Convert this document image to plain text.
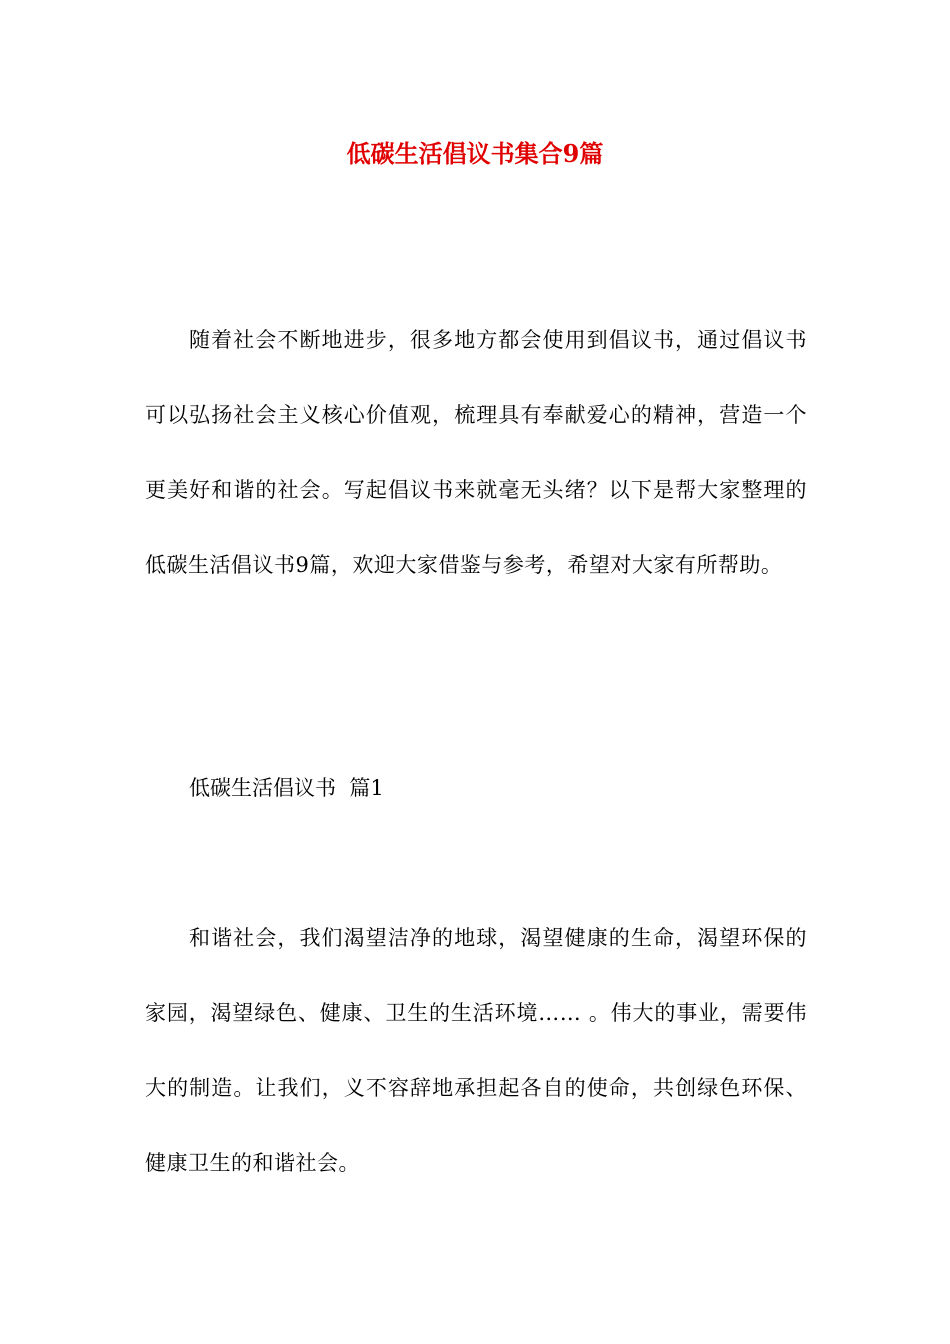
低碳生活倡议书集合9篇

随着社会不断地进步，很多地方都会使用到倡议书，通过倡议书可以弘扬社会主义核心价值观，梳理具有奉献爱心的精神，营造一个更美好和谐的社会。写起倡议书来就毫无头绪？以下是帮大家整理的低碳生活倡议书9篇，欢迎大家借鉴与参考，希望对大家有所帮助。

低碳生活倡议书  篇1

和谐社会，我们渴望洁净的地球，渴望健康的生命，渴望环保的家园，渴望绿色、健康、卫生的生活环境…… 。伟大的事业，需要伟大的制造。让我们，义不容辞地承担起各自的使命，共创绿色环保、健康卫生的和谐社会。
